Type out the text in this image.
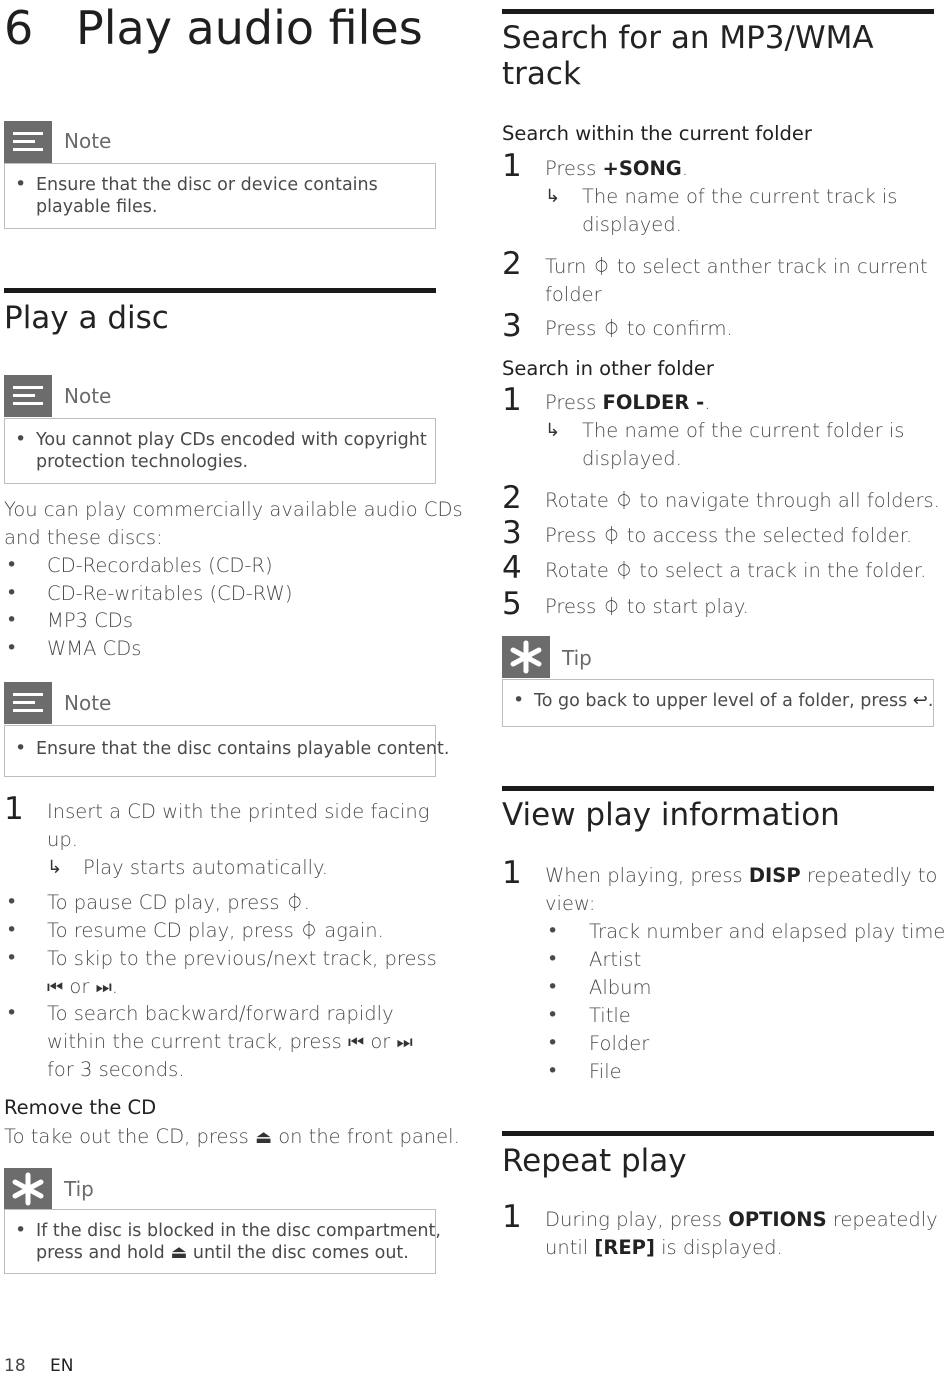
6 Play audio files
Note
• Ensure that the disc or device contains playable files.
Play a disc
Note
• You cannot play CDs encoded with copyright
protection technologies.
You can play commercially available audio CDs
and these discs:
• CD-Recordables (CD-R)
• CD-Re-writables (CD-RW)
• MP3 CDs
• WMA CDs
Note
• Ensure that the disc contains playable content.
1 Insert a CD with the printed side facing
up.
↳ Play starts automatically.
• To pause CD play, press ⏀.
• To resume CD play, press ⏀ again.
• To skip to the previous/next track, press
⏮ or ⏭.
• To search backward/forward rapidly
within the current track, press ⏮ or ⏭
for 3 seconds.
Remove the CD
To take out the CD, press ⏏ on the front panel.
Tip
• If the disc is blocked in the disc compartment,
press and hold ⏏ until the disc comes out.
Search for an MP3/WMA
track
Search within the current folder
1 Press +SONG.
↳ The name of the current track is
displayed.
2 Turn ⏀ to select anther track in current
folder
3 Press ⏀ to confirm.
Search in other folder
1 Press FOLDER -.
↳ The name of the current folder is
displayed.
2 Rotate ⏀ to navigate through all folders.
3 Press ⏀ to access the selected folder.
4 Rotate ⏀ to select a track in the folder.
5 Press ⏀ to start play.
Tip
• To go back to upper level of a folder, press ↩.
View play information
1 When playing, press DISP repeatedly to
view:
• Track number and elapsed play time
• Artist
• Album
• Title
• Folder
• File
Repeat play
1 During play, press OPTIONS repeatedly
until [REP] is displayed.
18 EN
